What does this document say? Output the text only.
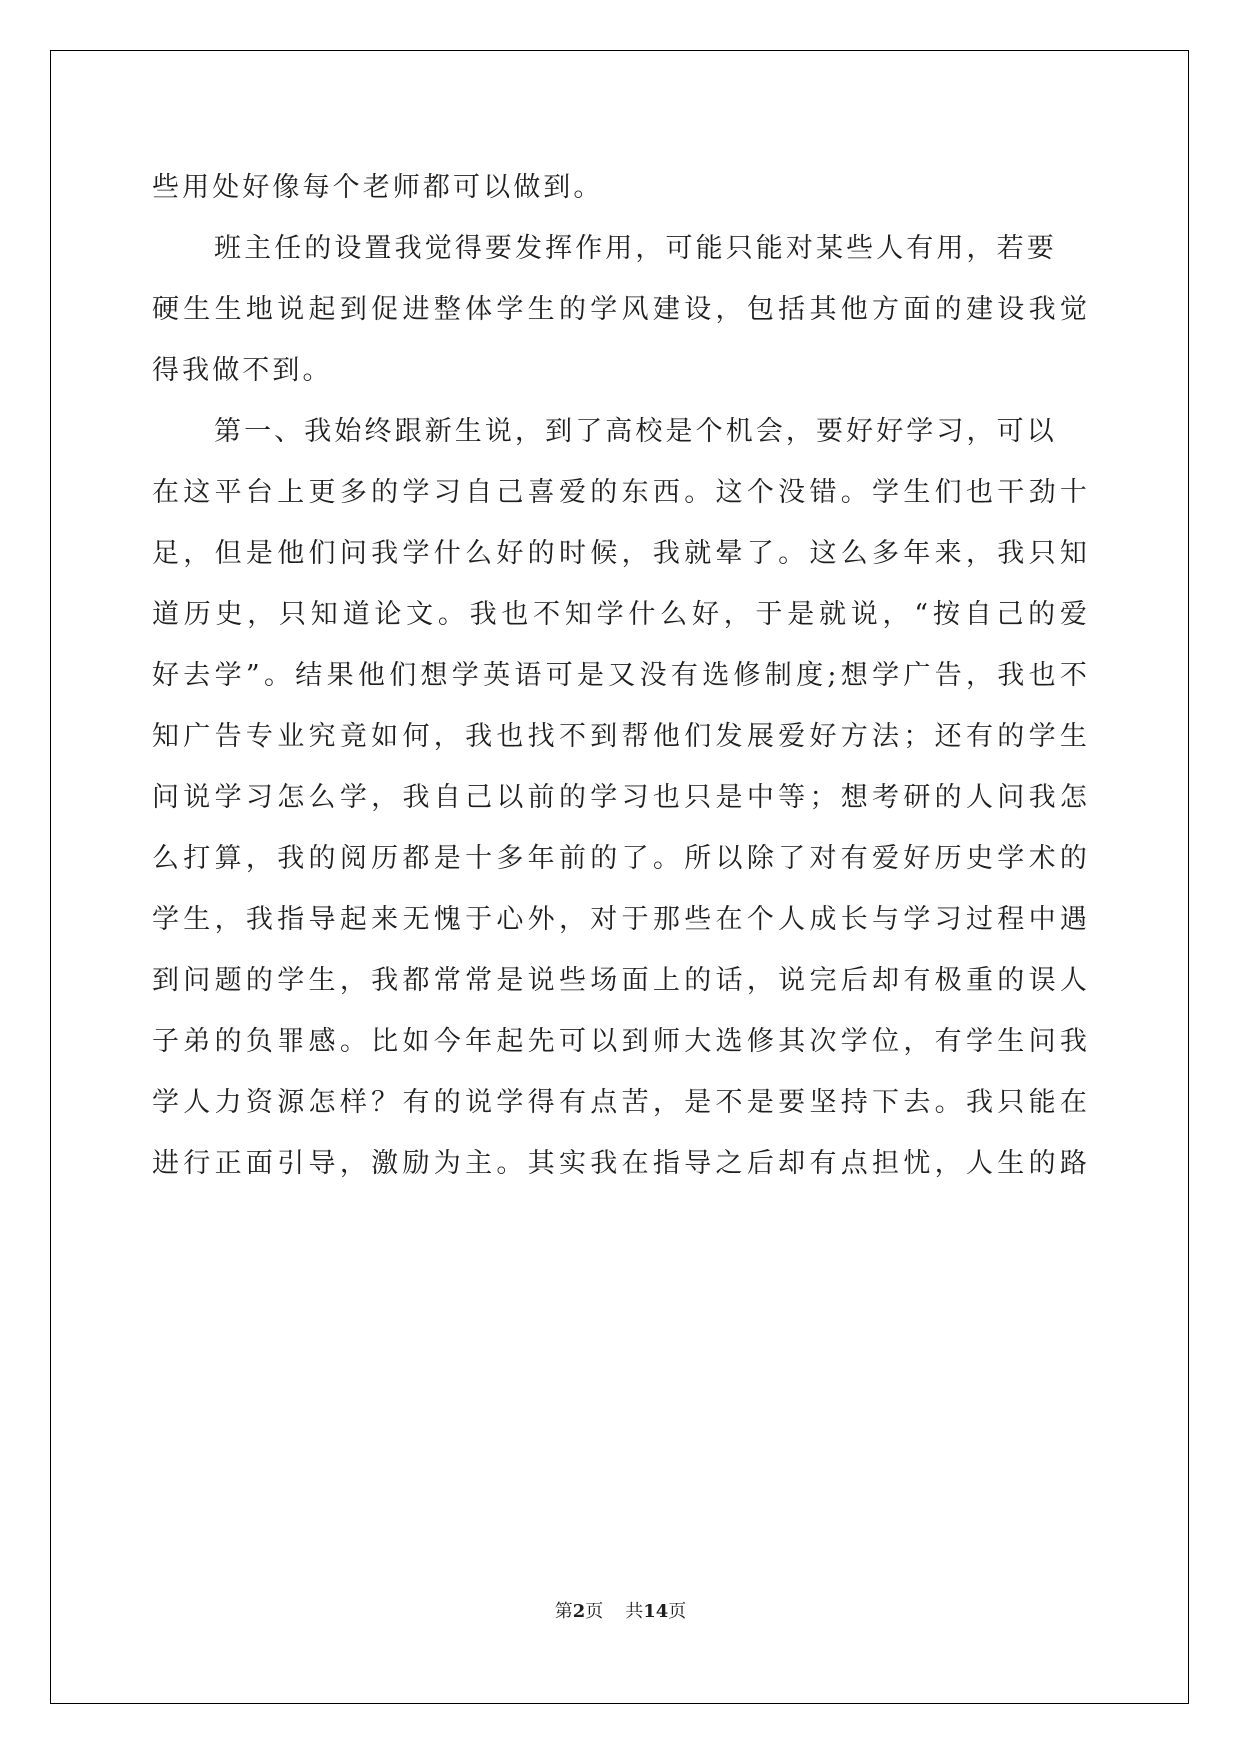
些用处好像每个老师都可以做到。
班主任的设置我觉得要发挥作用，可能只能对某些人有用，若要
硬生生地说起到促进整体学生的学风建设，包括其他方面的建设我觉
得我做不到。
第一、我始终跟新生说，到了高校是个机会，要好好学习，可以
在这平台上更多的学习自己喜爱的东西。这个没错。学生们也干劲十
足，但是他们问我学什么好的时候，我就晕了。这么多年来，我只知
道历史，只知道论文。我也不知学什么好，于是就说，“按自己的爱
好去学”。结果他们想学英语可是又没有选修制度;想学广告，我也不
知广告专业究竟如何，我也找不到帮他们发展爱好方法；还有的学生
问说学习怎么学，我自己以前的学习也只是中等；想考研的人问我怎
么打算，我的阅历都是十多年前的了。所以除了对有爱好历史学术的
学生，我指导起来无愧于心外，对于那些在个人成长与学习过程中遇
到问题的学生，我都常常是说些场面上的话，说完后却有极重的误人
子弟的负罪感。比如今年起先可以到师大选修其次学位，有学生问我
学人力资源怎样？有的说学得有点苦，是不是要坚持下去。我只能在
进行正面引导，激励为主。其实我在指导之后却有点担忧，人生的路
第2页 共14页
